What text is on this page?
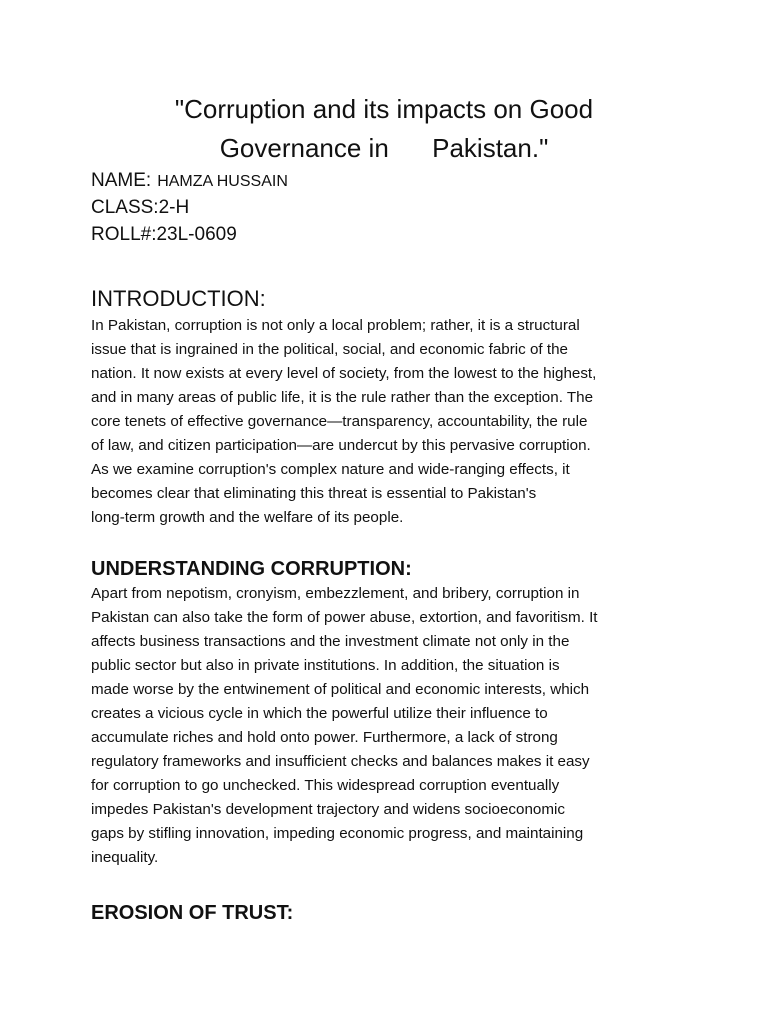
"Corruption and its impacts on Good
Governance in      Pakistan."

NAME: HAMZA HUSSAIN

CLASS:2-H

ROLL#:23L-0609

INTRODUCTION:
In Pakistan, corruption is not only a local problem; rather, it is a structural
issue that is ingrained in the political, social, and economic fabric of the
nation. It now exists at every level of society, from the lowest to the highest,
and in many areas of public life, it is the rule rather than the exception. The
core tenets of effective governance—transparency, accountability, the rule
of law, and citizen participation—are undercut by this pervasive corruption.
As we examine corruption's complex nature and wide-ranging effects, it
becomes clear that eliminating this threat is essential to Pakistan's
long-term growth and the welfare of its people.
UNDERSTANDING CORRUPTION:
Apart from nepotism, cronyism, embezzlement, and bribery, corruption in
Pakistan can also take the form of power abuse, extortion, and favoritism. It
affects business transactions and the investment climate not only in the
public sector but also in private institutions. In addition, the situation is
made worse by the entwinement of political and economic interests, which
creates a vicious cycle in which the powerful utilize their influence to
accumulate riches and hold onto power. Furthermore, a lack of strong
regulatory frameworks and insufficient checks and balances makes it easy
for corruption to go unchecked. This widespread corruption eventually
impedes Pakistan's development trajectory and widens socioeconomic
gaps by stifling innovation, impeding economic progress, and maintaining
inequality.
EROSION OF TRUST:
